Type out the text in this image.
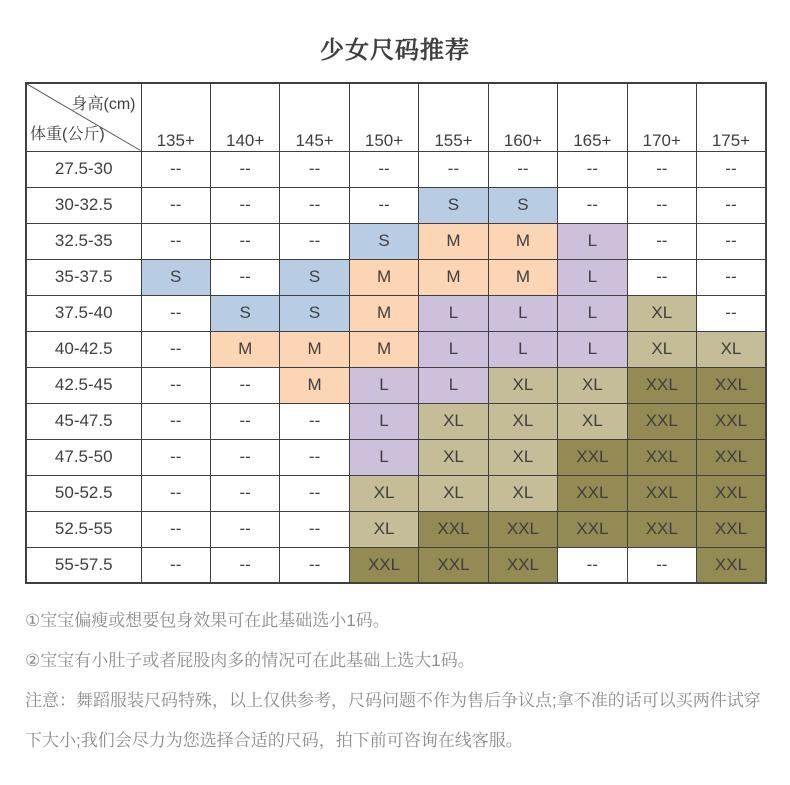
少女尺码推荐
身高(cm)
体重(公斤)	135+	140+	145+	150+	155+	160+	165+	170+	175+
27.5-30	--	--	--	--	--	--	--	--	--
30-32.5	--	--	--	--	S	S	--	--	--
32.5-35	--	--	--	S	M	M	L	--	--
35-37.5	S	--	S	M	M	M	L	--	--
37.5-40	--	S	S	M	L	L	L	XL	--
40-42.5	--	M	M	M	L	L	L	XL	XL
42.5-45	--	--	M	L	L	XL	XL	XXL	XXL
45-47.5	--	--	--	L	XL	XL	XL	XXL	XXL
47.5-50	--	--	--	L	XL	XL	XXL	XXL	XXL
50-52.5	--	--	--	XL	XL	XL	XXL	XXL	XXL
52.5-55	--	--	--	XL	XXL	XXL	XXL	XXL	XXL
55-57.5	--	--	--	XXL	XXL	XXL	--	--	XXL

①宝宝偏瘦或想要包身效果可在此基础选小1码。

②宝宝有小肚子或者屁股肉多的情况可在此基础上选大1码。

注意：舞蹈服装尺码特殊，以上仅供参考，尺码问题不作为售后争议点;拿不准的话可以买两件试穿下大小;我们会尽力为您选择合适的尺码，拍下前可咨询在线客服。
